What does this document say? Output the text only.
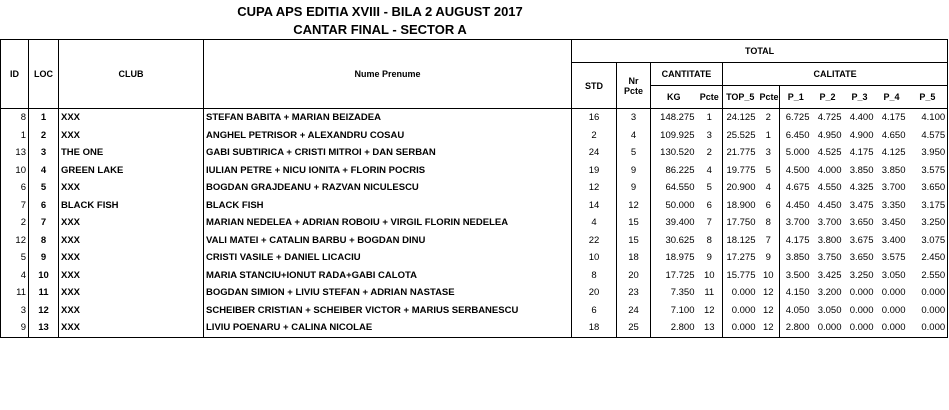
CUPA APS EDITIA XVIII - BILA 2 AUGUST 2017
CANTAR FINAL - SECTOR A
ID	LOC	CLUB	Nume Prenume	TOTAL										
				STD	Nr
Pcte	CANTITATE		CALITATE						
						KG	Pcte	TOP_5	Pcte	P_1	P_2	P_3	P_4	P_5

8	1	XXX	STEFAN BABITA + MARIAN BEIZADEA	16	3	148.275	1	24.125	2	6.725	4.725	4.400	4.175	4.100
1	2	XXX	ANGHEL PETRISOR + ALEXANDRU COSAU	2	4	109.925	3	25.525	1	6.450	4.950	4.900	4.650	4.575
13	3	THE ONE	GABI SUBTIRICA + CRISTI MITROI + DAN SERBAN	24	5	130.520	2	21.775	3	5.000	4.525	4.175	4.125	3.950
10	4	GREEN LAKE	IULIAN PETRE + NICU IONITA + FLORIN POCRIS	19	9	86.225	4	19.775	5	4.500	4.000	3.850	3.850	3.575
6	5	XXX	BOGDAN GRAJDEANU + RAZVAN NICULESCU	12	9	64.550	5	20.900	4	4.675	4.550	4.325	3.700	3.650
7	6	BLACK FISH	BLACK FISH	14	12	50.000	6	18.900	6	4.450	4.450	3.475	3.350	3.175
2	7	XXX	MARIAN NEDELEA + ADRIAN ROBOIU + VIRGIL FLORIN NEDELEA	4	15	39.400	7	17.750	8	3.700	3.700	3.650	3.450	3.250
12	8	XXX	VALI MATEI + CATALIN BARBU + BOGDAN DINU	22	15	30.625	8	18.125	7	4.175	3.800	3.675	3.400	3.075
5	9	XXX	CRISTI VASILE + DANIEL LICACIU	10	18	18.975	9	17.275	9	3.850	3.750	3.650	3.575	2.450
4	10	XXX	MARIA STANCIU+IONUT RADA+GABI CALOTA	8	20	17.725	10	15.775	10	3.500	3.425	3.250	3.050	2.550
11	11	XXX	BOGDAN SIMION + LIVIU STEFAN + ADRIAN NASTASE	20	23	7.350	11	0.000	12	4.150	3.200	0.000	0.000	0.000
3	12	XXX	SCHEIBER CRISTIAN + SCHEIBER VICTOR + MARIUS SERBANESCU	6	24	7.100	12	0.000	12	4.050	3.050	0.000	0.000	0.000
9	13	XXX	LIVIU POENARU + CALINA NICOLAE	18	25	2.800	13	0.000	12	2.800	0.000	0.000	0.000	0.000
